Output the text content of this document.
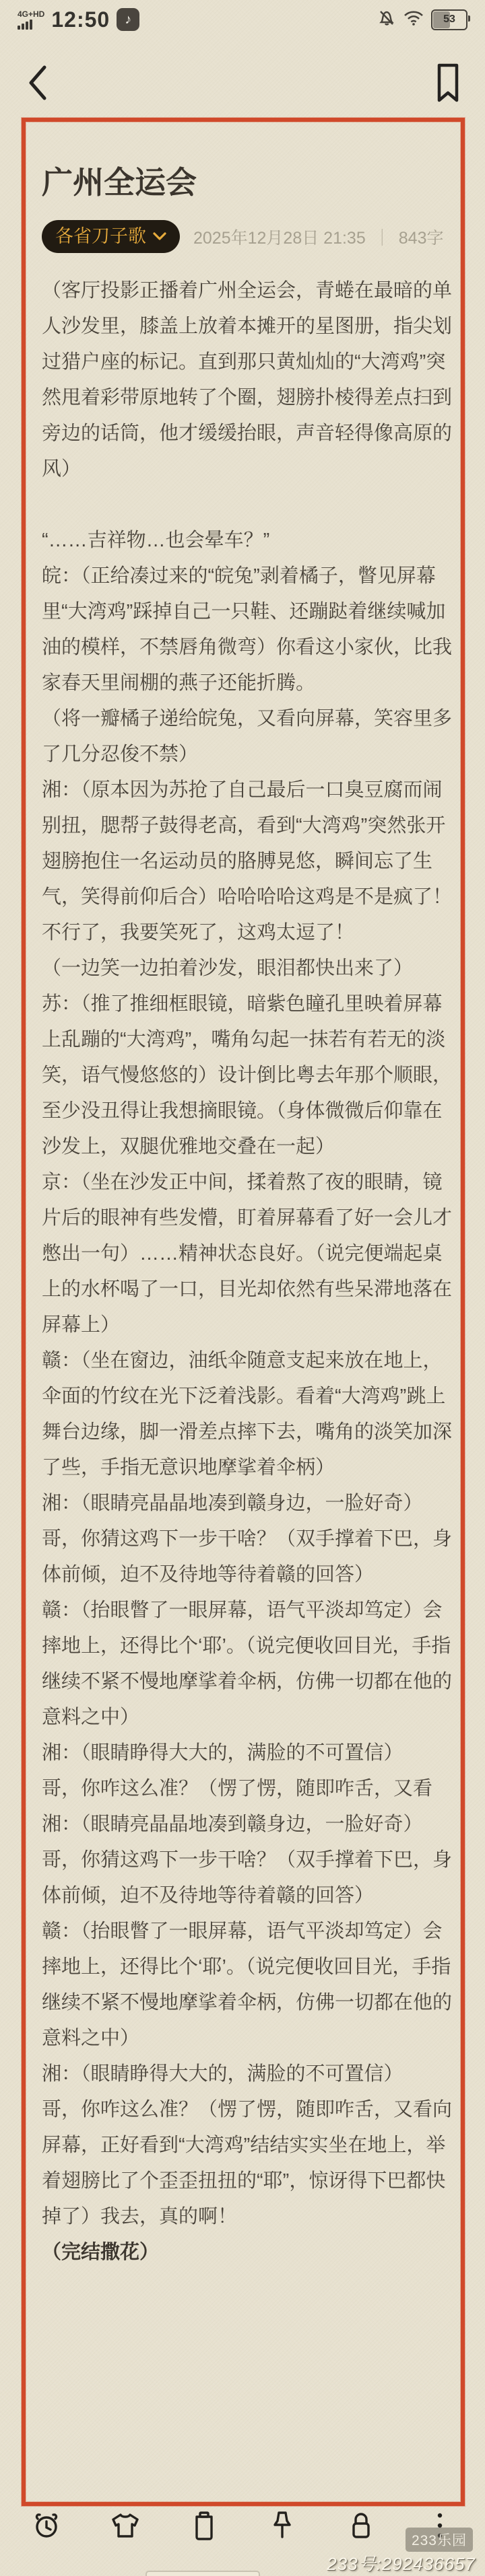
4G+HD 12:50	♪	53
广州全运会
各省刀子歌	2025年12月28日 21:35 ｜ 843字

（客厅投影正播着广州全运会，青蜷在最暗的单人沙发里，膝盖上放着本摊开的星图册，指尖划过猎户座的标记。直到那只黄灿灿的“大湾鸡”突然甩着彩带原地转了个圈，翅膀扑棱得差点扫到旁边的话筒，他才缓缓抬眼，声音轻得像高原的风）

“……吉祥物…也会晕车？”

皖：（正给凑过来的“皖兔”剥着橘子，瞥见屏幕里“大湾鸡”踩掉自己一只鞋、还蹦跶着继续喊加油的模样，不禁唇角微弯）你看这小家伙，比我家春天里闹棚的燕子还能折腾。

（将一瓣橘子递给皖兔，又看向屏幕，笑容里多了几分忍俊不禁）

湘：（原本因为苏抢了自己最后一口臭豆腐而闹别扭，腮帮子鼓得老高，看到“大湾鸡”突然张开翅膀抱住一名运动员的胳膊晃悠，瞬间忘了生气，笑得前仰后合）哈哈哈哈这鸡是不是疯了！不行了，我要笑死了，这鸡太逗了！

（一边笑一边拍着沙发，眼泪都快出来了）

苏：（推了推细框眼镜，暗紫色瞳孔里映着屏幕上乱蹦的“大湾鸡”，嘴角勾起一抹若有若无的淡笑，语气慢悠悠的）设计倒比粤去年那个顺眼，至少没丑得让我想摘眼镜。（身体微微后仰靠在沙发上，双腿优雅地交叠在一起）

京：（坐在沙发正中间，揉着熬了夜的眼睛，镜片后的眼神有些发懵，盯着屏幕看了好一会儿才憋出一句）……精神状态良好。（说完便端起桌上的水杯喝了一口，目光却依然有些呆滞地落在屏幕上）

赣：（坐在窗边，油纸伞随意支起来放在地上，伞面的竹纹在光下泛着浅影。看着“大湾鸡”跳上舞台边缘，脚一滑差点摔下去，嘴角的淡笑加深了些，手指无意识地摩挲着伞柄）

湘：（眼睛亮晶晶地凑到赣身边，一脸好奇）哥，你猜这鸡下一步干啥？（双手撑着下巴，身体前倾，迫不及待地等待着赣的回答）

赣：（抬眼瞥了一眼屏幕，语气平淡却笃定）会摔地上，还得比个‘耶’。（说完便收回目光，手指继续不紧不慢地摩挲着伞柄，仿佛一切都在他的意料之中）

湘：（眼睛睁得大大的，满脸的不可置信）

哥，你咋这么准？（愣了愣，随即咋舌，又看

湘：（眼睛亮晶晶地凑到赣身边，一脸好奇）哥，你猜这鸡下一步干啥？（双手撑着下巴，身体前倾，迫不及待地等待着赣的回答）

赣：（抬眼瞥了一眼屏幕，语气平淡却笃定）会摔地上，还得比个‘耶’。（说完便收回目光，手指继续不紧不慢地摩挲着伞柄，仿佛一切都在他的意料之中）

湘：（眼睛睁得大大的，满脸的不可置信）

哥，你咋这么准？（愣了愣，随即咋舌，又看向屏幕，正好看到“大湾鸡”结结实实坐在地上，举着翅膀比了个歪歪扭扭的“耶”，惊讶得下巴都快掉了）我去，真的啊！

（完结撒花）

233乐园
233号:292436657
